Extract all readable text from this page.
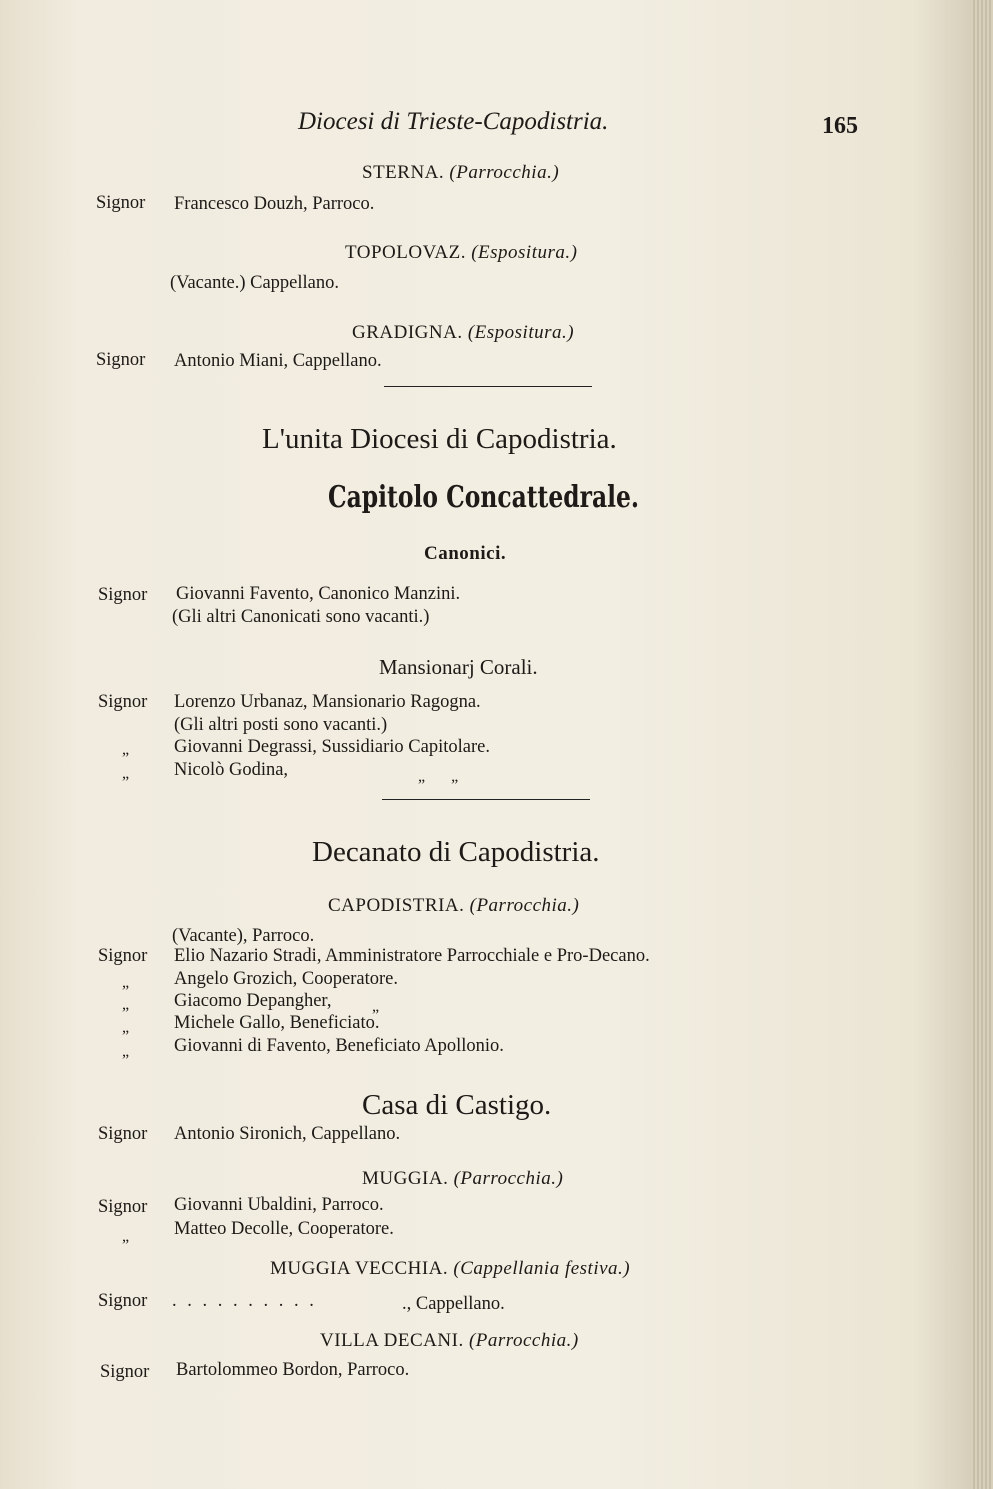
Diocesi di Trieste-Capodistria.	165
STERNA. (Parrocchia.)
Signor Francesco Douzh, Parroco.
TOPOLOVAZ. (Espositura.)
(Vacante.) Cappellano.
GRADIGNA. (Espositura.)
Signor Antonio Miani, Cappellano.
L'unita Diocesi di Capodistria.
Capitolo Concattedrale.
Canonici.
Signor Giovanni Favento, Canonico Manzini.
(Gli altri Canonicati sono vacanti.)
Mansionarj Corali.
Signor Lorenzo Urbanaz, Mansionario Ragogna.
(Gli altri posti sono vacanti.)
„ Giovanni Degrassi, Sussidiario Capitolare.
„ Nicolò Godina,	„ „
Decanato di Capodistria.
CAPODISTRIA. (Parrocchia.)
(Vacante), Parroco.
Signor Elio Nazario Stradi, Amministratore Parrocchiale e Pro-Decano.
„ Angelo Grozich, Cooperatore.
„ Giacomo Depangher,	„
„ Michele Gallo, Beneficiato.
„ Giovanni di Favento, Beneficiato Apollonio.
Casa di Castigo.
Signor Antonio Sironich, Cappellano.
MUGGIA. (Parrocchia.)
Signor Giovanni Ubaldini, Parroco.
„ Matteo Decolle, Cooperatore.
MUGGIA VECCHIA. (Cappellania festiva.)
Signor . . . . . . . . . .	., Cappellano.
VILLA DECANI. (Parrocchia.)
Signor Bartolommeo Bordon, Parroco.
